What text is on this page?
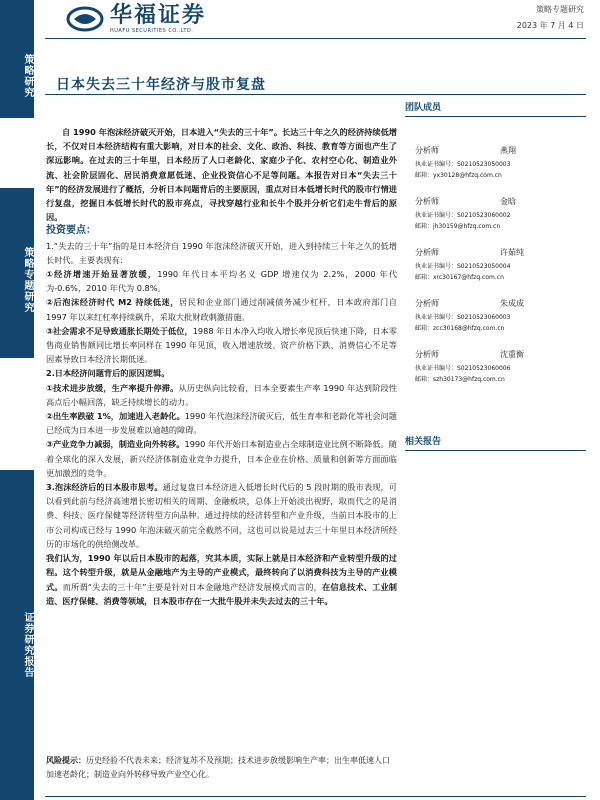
策略研究
策略专题研究
证券研究报告
华福证券
HUAFU SECURITIES CO.,LTD.
策略专题研究
2023 年 7 月 4 日
日本失去三十年经济与股市复盘

自 1990 年泡沫经济破灭开始，日本进入“失去的三十年”。长达三十年之久的经济持续低增长，不仅对日本经济结构有重大影响，对日本的社会、文化、政治、科技、教育等方面也产生了深远影响。在过去的三十年里，日本经历了人口老龄化、家庭少子化、农村空心化、制造业外流、社会阶层固化、居民消费意愿低迷、企业投资信心不足等问题。本报告对日本“失去三十年”的经济发展进行了概括，分析日本问题背后的主要原因，重点对日本低增长时代的股市行情进行复盘，挖掘日本低增长时代的股市亮点，寻找穿越行业和长牛个股并分析它们走牛背后的原因。

投资要点：

1.“失去的三十年”指的是日本经济自 1990 年泡沫经济破灭开始，进入到持续三十年之久的低增长时代。主要表现有：

①经济增速开始显著放缓，1990 年代日本平均名义 GDP 增速仅为 2.2%，2000 年代为-0.6%，2010 年代为 0.8%。

②后泡沫经济时代 M2 持续低迷，居民和企业部门通过削减债务减少杠杆，日本政府部门自 1997 年以来红杠率持续飙升，采取大批财政刺激措施。

③社会需求不足导致通胀长期处于低位，1988 年日本净入均收入增长率见顶后快速下降，日本零售商业销售额同比增长率同样在 1990 年见顶，收入增速放缓、资产价格下跌、消费信心不足等因素导致日本经济长期低迷。

2.日本经济问题背后的原因逻辑。

①技术进步放缓，生产率提升停滞。从历史纵向比较看，日本全要素生产率 1990 年达到阶段性高点后小幅回落，缺乏持续增长的动力。

②出生率跌破 1%，加速进入老龄化。1990 年代泡沫经济破灭后，低生育率和老龄化等社会问题已经成为日本进一步发展难以逾越的障碍。

③产业竞争力减弱，制造业向外转移。1990 年代开始日本制造业占全球制造业比例不断降低。随着全球化的深入发展，新兴经济体制造业竞争力提升，日本企业在价格、质量和创新等方面面临更加激烈的竞争。

3.泡沫经济后的日本股市思考。通过复盘日本经济进入低增长时代后的 5 段时期的股市表现，可以看到此前与经济高速增长密切相关的周期、金融板块，总体上开始淡出视野，取而代之的是消费、科技、医疗保健等经济转型方向品种。通过持续的经济转型和产业升级，当前日本股市的上市公司构成已经与 1990 年泡沫破灭前完全截然不同，这也可以说是过去三十年里日本经济所经历的市场化的供给侧改革。

我们认为，1990 年以后日本股市的起落，究其本质，实际上就是日本经济和产业转型升级的过程。这个转型升级，就是从金融地产为主导的产业模式，最终转向了以消费科技为主导的产业模式。而所谓“失去的三十年”主要是针对日本金融地产经济发展模式而言的，在信息技术、工业制造、医疗保健、消费等领域，日本股市存在一大批牛股并未失去过去的三十年。

风险提示：历史经验不代表未来；经济复苏不及预期；技术进步放缓影响生产率；出生率低速人口加速老龄化；制造业向外转移导致产业空心化。
团队成员
分析师	燕翔
执业证书编号：S0210523050003
邮箱：yx30128@hfzq.com.cn
分析师	金晗
执业证书编号：S0210523060002
邮箱：jh30159@hfzq.com.cn
分析师	许茹纯
执业证书编号：S0210523050004
邮箱：xrc30167@hfzq.com.cn
分析师	朱成成
执业证书编号：S0210523060003
邮箱：zcc30168@hfzq.com.cn
分析师	沈重衡
执业证书编号：S0210523060006
邮箱：szh30173@hfzq.com.cn
相关报告
